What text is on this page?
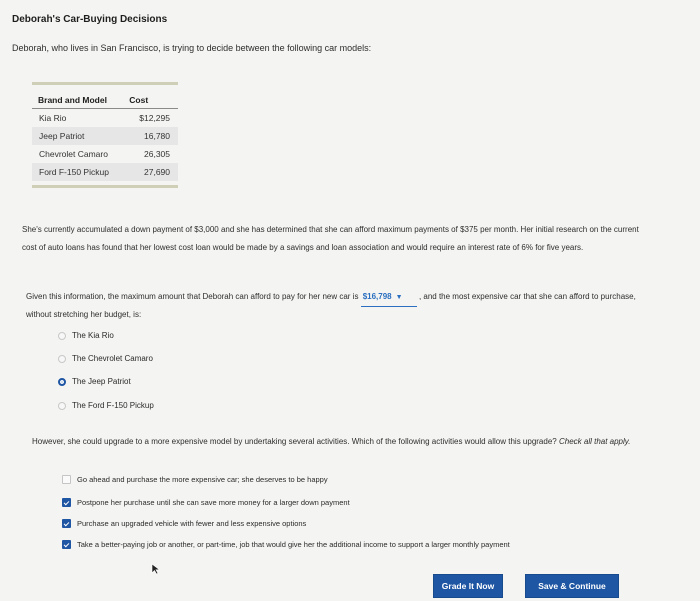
Deborah's Car-Buying Decisions
Deborah, who lives in San Francisco, is trying to decide between the following car models:
Brand and Model	Cost
Kia Rio	$12,295
Jeep Patriot	16,780
Chevrolet Camaro	26,305
Ford F-150 Pickup	27,690
She's currently accumulated a down payment of $3,000 and she has determined that she can afford maximum payments of $375 per month. Her initial research on the current cost of auto loans has found that her lowest cost loan would be made by a savings and loan association and would require an interest rate of 6% for five years.
Given this information, the maximum amount that Deborah can afford to pay for her new car is $16,798 ▼ , and the most expensive car that she can afford to purchase, without stretching her budget, is:
The Kia Rio
The Chevrolet Camaro
The Jeep Patriot
The Ford F-150 Pickup
However, she could upgrade to a more expensive model by undertaking several activities. Which of the following activities would allow this upgrade? Check all that apply.
Go ahead and purchase the more expensive car; she deserves to be happy
Postpone her purchase until she can save more money for a larger down payment
Purchase an upgraded vehicle with fewer and less expensive options
Take a better-paying job or another, or part-time, job that would give her the additional income to support a larger monthly payment
Grade It Now	Save & Continue
